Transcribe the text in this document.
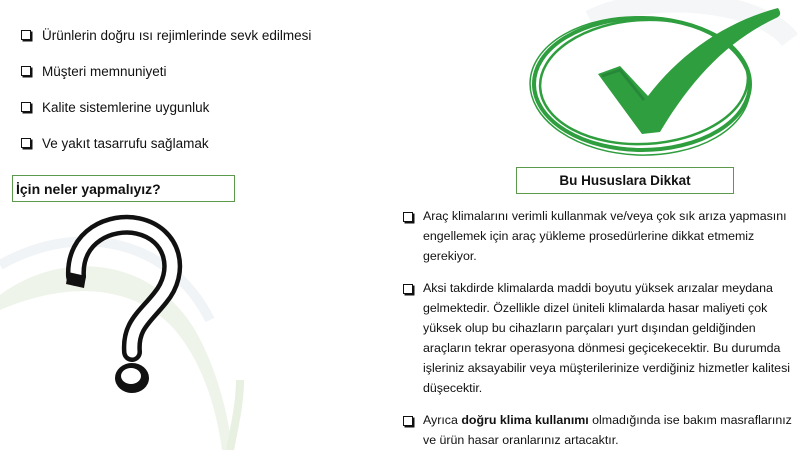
Ürünlerin doğru ısı rejimlerinde sevk edilmesi
Müşteri memnuniyeti
Kalite sistemlerine uygunluk
Ve yakıt tasarrufu sağlamak
İçin neler yapmalıyız?	Bu Hususlara Dikkat
Araç klimalarını verimli kullanmak ve/veya çok sık arıza yapmasını engellemek için araç yükleme prosedürlerine dikkat etmemiz gerekiyor.
Aksi takdirde klimalarda maddi boyutu yüksek arızalar meydana gelmektedir. Özellikle dizel üniteli klimalarda hasar maliyeti çok yüksek olup bu cihazların parçaları yurt dışından geldiğinden araçların tekrar operasyona dönmesi geçicekecektir. Bu durumda işleriniz aksayabilir veya müşterilerinize verdiğiniz hizmetler kalitesi düşecektir.
Ayrıca doğru klima kullanımı olmadığında ise bakım masraflarınız ve ürün hasar oranlarınız artacaktır.
